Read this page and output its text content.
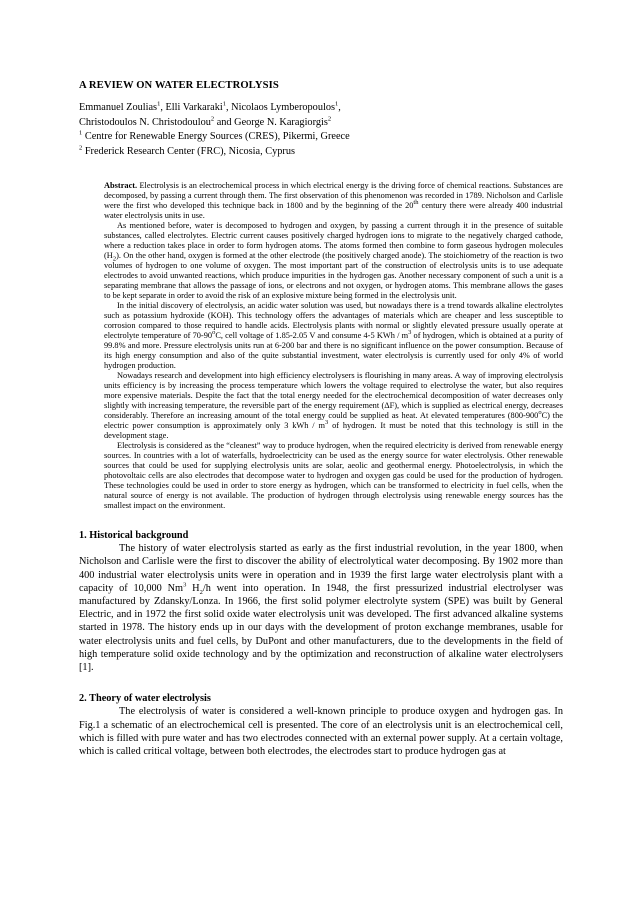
A REVIEW ON WATER ELECTROLYSIS

Emmanuel Zoulias$^1$, Elli Varkaraki$^1$, Nicolaos Lymberopoulos$^1$,

Christodoulos N. Christodoulou$^2$ and George N. Karagiorgis$^2$

$^1$ Centre for Renewable Energy Sources (CRES), Pikermi, Greece

$^2$ Frederick Research Center (FRC), Nicosia, Cyprus

Abstract. Electrolysis is an electrochemical process in which electrical energy is the driving force of chemical reactions. Substances are decomposed, by passing a current through them. The first observation of this phenomenon was recorded in 1789. Nicholson and Carlisle were the first who developed this technique back in 1800 and by the beginning of the 20th century there were already 400 industrial water electrolysis units in use.

As mentioned before, water is decomposed to hydrogen and oxygen, by passing a current through it in the presence of suitable substances, called electrolytes. Electric current causes positively charged hydrogen ions to migrate to the negatively charged cathode, where a reduction takes place in order to form hydrogen atoms. The atoms formed then combine to form gaseous hydrogen molecules $(H_2)$. On the other hand, oxygen is formed at the other electrode (the positively charged anode). The stoichiometry of the reaction is two volumes of hydrogen to one volume of oxygen. The most important part of the construction of electrolysis units is to use adequate electrodes to avoid unwanted reactions, which produce impurities in the hydrogen gas. Another necessary component of such a unit is a separating membrane that allows the passage of ions, or electrons and not oxygen, or hydrogen atoms. This membrane allows the gases to be kept separate in order to avoid the risk of an explosive mixture being formed in the electrolysis unit.

In the initial discovery of electrolysis, an acidic water solution was used, but nowadays there is a trend towards alkaline electrolytes such as potassium hydroxide (KOH). This technology offers the advantages of materials which are cheaper and less susceptible to corrosion compared to those required to handle acids. Electrolysis plants with normal or slightly elevated pressure usually operate at electrolyte temperature of 70-90$^o$C, cell voltage of 1.85-2.05 V and consume 4-5 KWh / $m^3$ of hydrogen, which is obtained at a purity of 99.8% and more. Pressure electrolysis units run at 6-200 bar and there is no significant influence on the power consumption. Because of its high energy consumption and also of the quite substantial investment, water electrolysis is currently used for only 4% of world hydrogen production.

Nowadays research and development into high efficiency electrolysers is flourishing in many areas. A way of improving electrolysis units efficiency is by increasing the process temperature which lowers the voltage required to electrolyse the water, but also requires more expensive materials. Despite the fact that the total energy needed for the electrochemical decomposition of water decreases only slightly with increasing temperature, the reversible part of the energy requirement (ΔF), which is supplied as electrical energy, decreases considerably. Therefore an increasing amount of the total energy could be supplied as heat. At elevated temperatures (800-900$^o$C) the electric power consumption is approximately only 3 kWh / $m^3$ of hydrogen. It must be noted that this technology is still in the development stage.

Electrolysis is considered as the “cleanest” way to produce hydrogen, when the required electricity is derived from renewable energy sources. In countries with a lot of waterfalls, hydroelectricity can be used as the energy source for water electrolysis. Other renewable sources that could be used for supplying electrolysis units are solar, aeolic and geothermal energy. Photoelectrolysis, in which the photovoltaic cells are also electrodes that decompose water to hydrogen and oxygen gas could be used for the production of hydrogen. These technologies could be used in order to store energy as hydrogen, which can be transformed to electricity in fuel cells, when the natural source of energy is not available. The production of hydrogen through electrolysis using renewable energy sources has the smallest impact on the environment.

1. Historical background

The history of water electrolysis started as early as the first industrial revolution, in the year 1800, when Nicholson and Carlisle were the first to discover the ability of electrolytical water decomposing. By 1902 more than 400 industrial water electrolysis units were in operation and in 1939 the first large water electrolysis plant with a capacity of 10,000 Nm$^3$ $H_2/h$ went into operation. In 1948, the first pressurized industrial electrolyser was manufactured by Zdansky/Lonza. In 1966, the first solid polymer electrolyte system (SPE) was built by General Electric, and in 1972 the first solid oxide water electrolysis unit was developed. The first advanced alkaline systems started in 1978. The history ends up in our days with the development of proton exchange membranes, usable for water electrolysis units and fuel cells, by DuPont and other manufacturers, due to the developments in the field of high temperature solid oxide technology and by the optimization and reconstruction of alkaline water electrolysers [1].

2. Theory of water electrolysis

The electrolysis of water is considered a well-known principle to produce oxygen and hydrogen gas. In Fig.1 a schematic of an electrochemical cell is presented. The core of an electrolysis unit is an electrochemical cell, which is filled with pure water and has two electrodes connected with an external power supply. At a certain voltage, which is called critical voltage, between both electrodes, the electrodes start to produce hydrogen gas at
